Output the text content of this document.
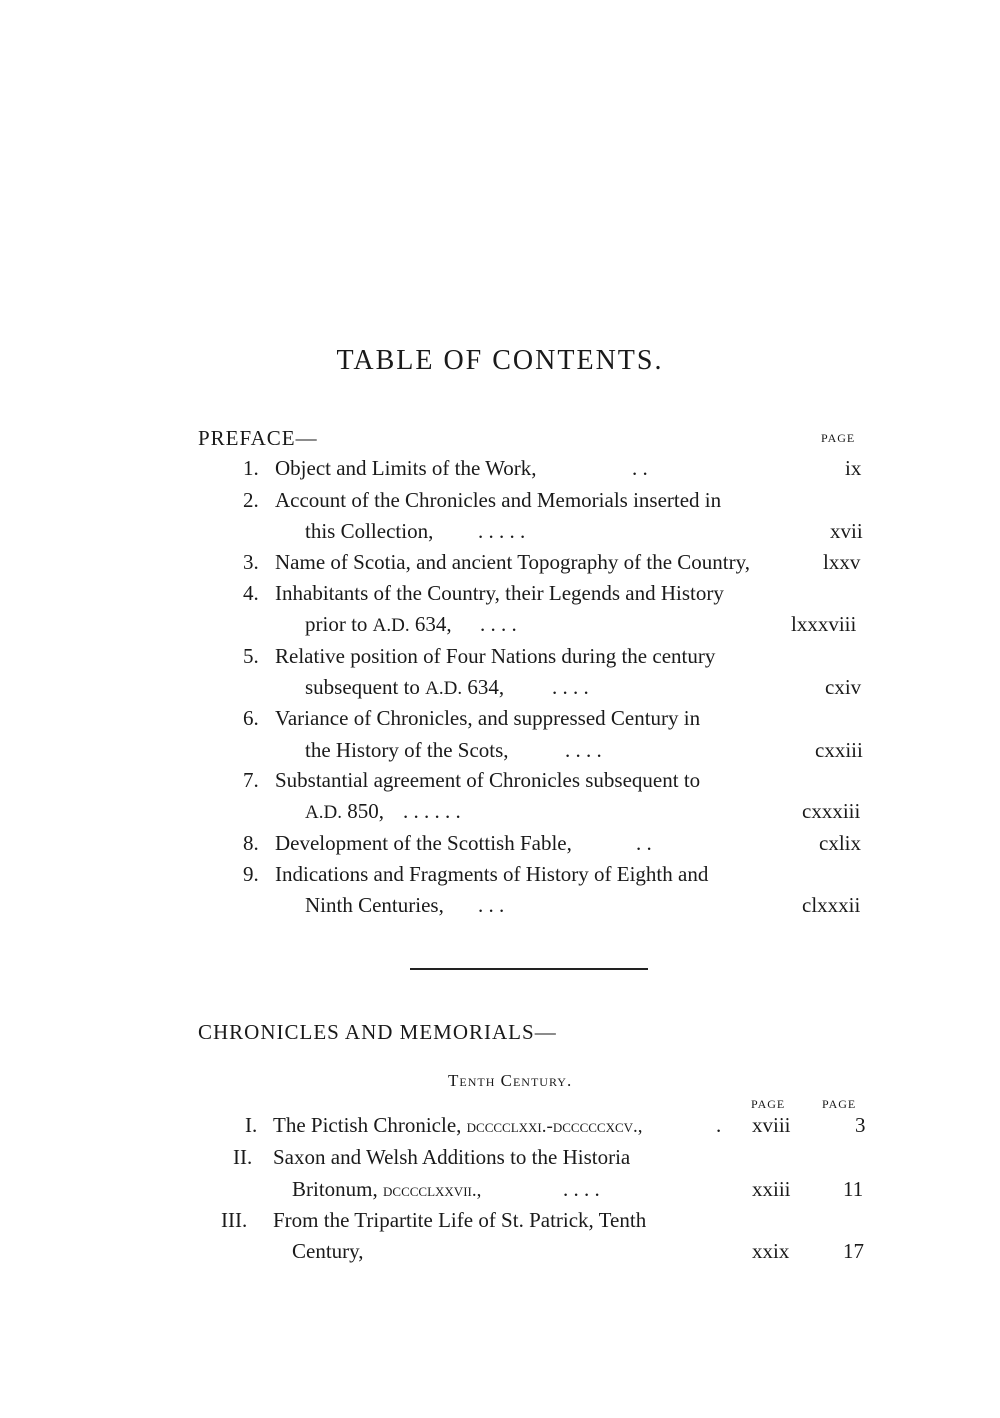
TABLE OF CONTENTS.
PREFACE—	PAGE
1. Object and Limits of the Work,	. .	ix
2. Account of the Chronicles and Memorials inserted in
this Collection, . . . . .	xvii
3. Name of Scotia, and ancient Topography of the Country,	lxxv
4. Inhabitants of the Country, their Legends and History
prior to A.D. 634, . . . .	lxxxviii
5. Relative position of Four Nations during the century
subsequent to A.D. 634, . . . .	cxiv
6. Variance of Chronicles, and suppressed Century in
the History of the Scots,	. . . .	cxxiii
7. Substantial agreement of Chronicles subsequent to
A.D. 850, . . . . . .	cxxxiii
8. Development of the Scottish Fable,	. .	cxlix
9. Indications and Fragments of History of Eighth and
Ninth Centuries, . . .	clxxxii
CHRONICLES AND MEMORIALS—
Tenth Century.
PAGE	PAGE
I. The Pictish Chronicle, dcccclxxi.-dcccccxcv.,	. xviii	3
II. Saxon and Welsh Additions to the Historia
Britonum, dcccclxxvii.,	. . . .	xxiii 11
III. From the Tripartite Life of St. Patrick, Tenth
Century,	xxix	17
